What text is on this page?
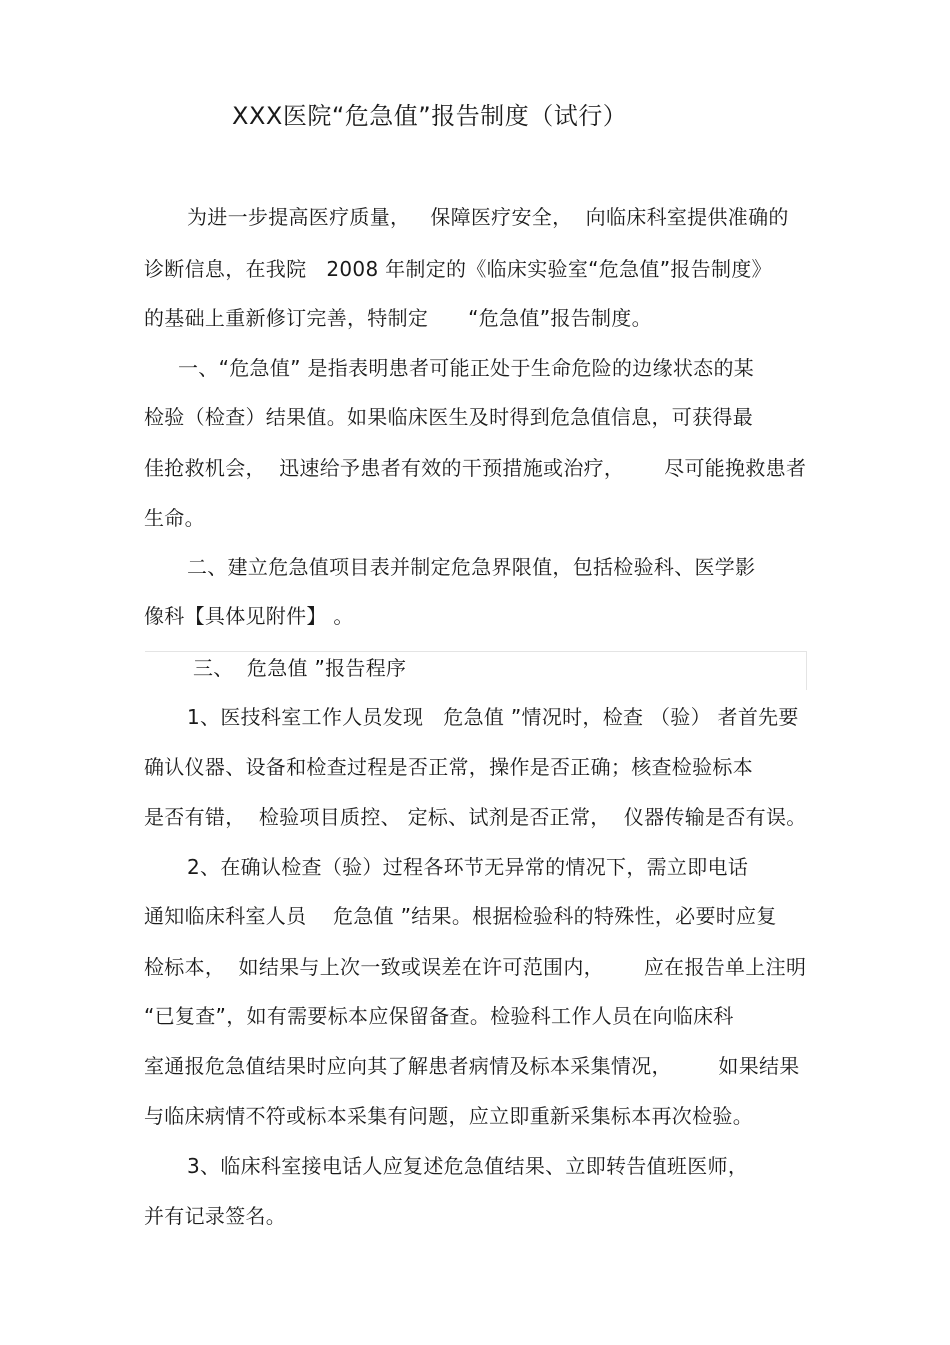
XXX医院“危急值”报告制度（试行）
为进一步提高医疗质量，   保障医疗安全，  向临床科室提供准确的
诊断信息，在我院   2008 年制定的《临床实验室“危急值”报告制度》
的基础上重新修订完善，特制定      “危急值”报告制度。
一、“危急值” 是指表明患者可能正处于生命危险的边缘状态的某
检验（检查）结果值。如果临床医生及时得到危急值信息，可获得最
佳抢救机会，  迅速给予患者有效的干预措施或治疗，      尽可能挽救患者
生命。
二、建立危急值项目表并制定危急界限值，包括检验科、医学影
像科【具体见附件】 。
三、  危急值 ”报告程序
1、医技科室工作人员发现   危急值 ”情况时，检查 （验） 者首先要
确认仪器、设备和检查过程是否正常，操作是否正确；核查检验标本
是否有错，  检验项目质控、 定标、试剂是否正常，  仪器传输是否有误。
2、在确认检查（验）过程各环节无异常的情况下，需立即电话
通知临床科室人员    危急值 ”结果。根据检验科的特殊性，必要时应复
检标本，  如结果与上次一致或误差在许可范围内，      应在报告单上注明
“已复查”，如有需要标本应保留备查。检验科工作人员在向临床科
室通报危急值结果时应向其了解患者病情及标本采集情况，       如果结果
与临床病情不符或标本采集有问题，应立即重新采集标本再次检验。
3、临床科室接电话人应复述危急值结果、立即转告值班医师，
并有记录签名。
